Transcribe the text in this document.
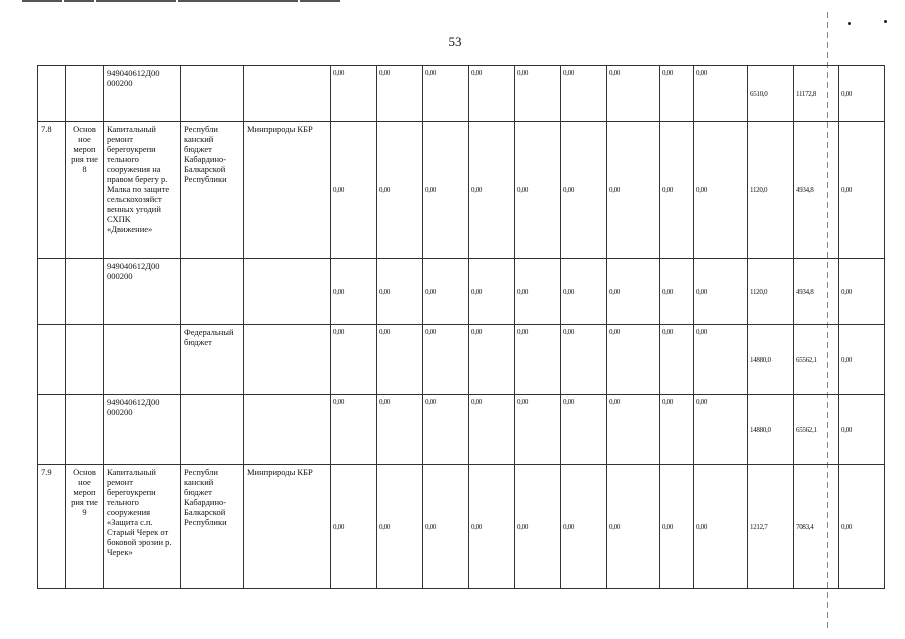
53
		949040612Д00 000200			0,00	0,00	0,00	0,00	0,00	0,00	0,00	0,00	0,00	6510,0	11172,8	0,00	
7.8	Основ ное мероп рия тие 8	Капитальный ремонт берегоукрепи тельного сооружения на правом берегу р. Малка по защите сельскохозяйст венных угодий СХПК «Движение»	Республи канский бюджет Кабардино-Балкарской Республики	Минприроды КБР	0,00	0,00	0,00	0,00	0,00	0,00	0,00	0,00	0,00	1120,0	4934,8	0,00	
		949040612Д00 000200			0,00	0,00	0,00	0,00	0,00	0,00	0,00	0,00	0,00	1120,0	4934,8	0,00	
			Федеральный бюджет		0,00	0,00	0,00	0,00	0,00	0,00	0,00	0,00	0,00	14880,0	65562,1	0,00	
		949040612Д00 000200			0,00	0,00	0,00	0,00	0,00	0,00	0,00	0,00	0,00	14880,0	65562,1	0,00	
7.9	Основ ное мероп рия тие 9	Капитальный ремонт берегоукрепи тельного сооружения «Защита с.п. Старый Черек от боковой эрозии р. Черек»	Республи канский бюджет Кабардино-Балкарской Республики	Минприроды КБР	0,00	0,00	0,00	0,00	0,00	0,00	0,00	0,00	0,00	1212,7	7083,4	0,00	
